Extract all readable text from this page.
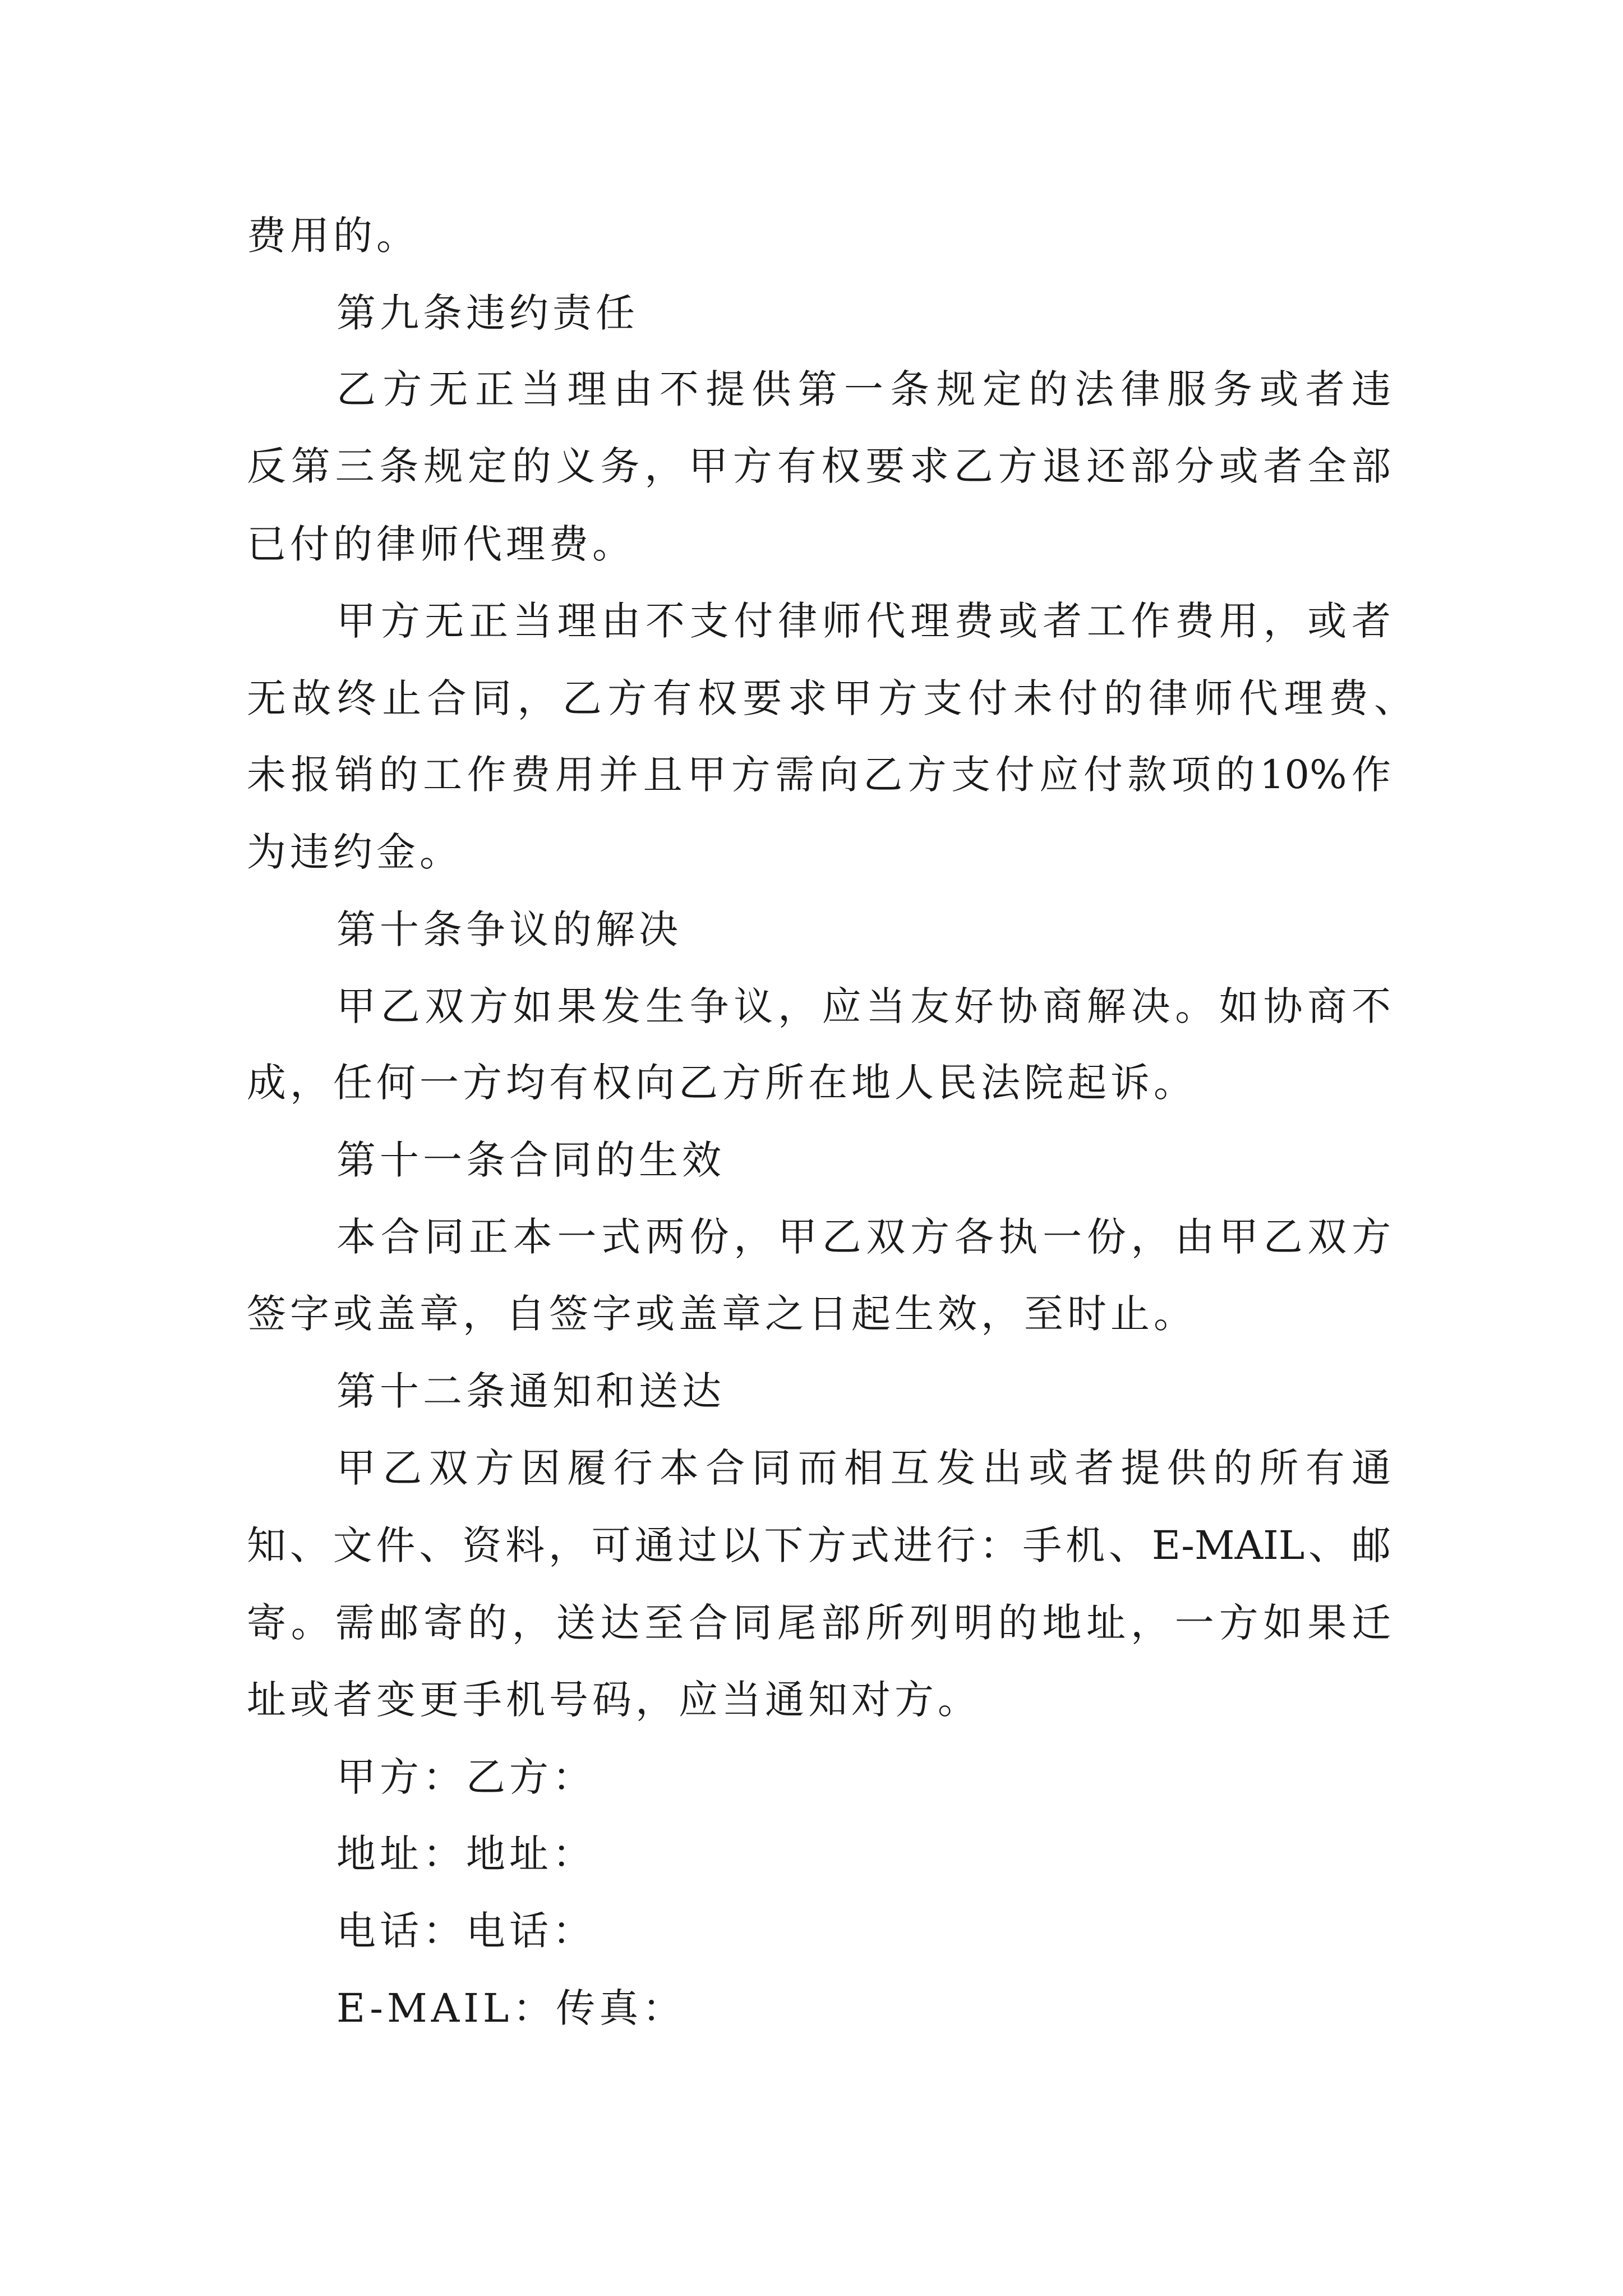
费用的。

第九条违约责任

乙方无正当理由不提供第一条规定的法律服务或者违

反第三条规定的义务，甲方有权要求乙方退还部分或者全部

已付的律师代理费。

甲方无正当理由不支付律师代理费或者工作费用，或者

无故终止合同，乙方有权要求甲方支付未付的律师代理费、

未报销的工作费用并且甲方需向乙方支付应付款项的10%作

为违约金。

第十条争议的解决

甲乙双方如果发生争议，应当友好协商解决。如协商不

成，任何一方均有权向乙方所在地人民法院起诉。

第十一条合同的生效

本合同正本一式两份，甲乙双方各执一份，由甲乙双方

签字或盖章，自签字或盖章之日起生效，至时止。

第十二条通知和送达

甲乙双方因履行本合同而相互发出或者提供的所有通

知、文件、资料，可通过以下方式进行：手机、E-MAIL、邮

寄。需邮寄的，送达至合同尾部所列明的地址，一方如果迁

址或者变更手机号码，应当通知对方。

甲方：乙方：

地址：地址：

电话：电话：

E-MAIL：传真：
